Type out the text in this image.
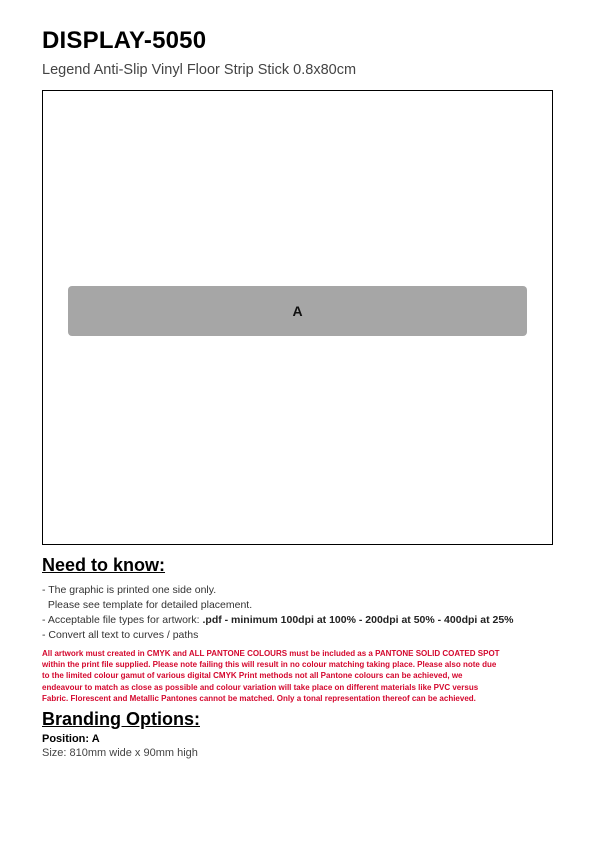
DISPLAY-5050
Legend Anti-Slip Vinyl Floor Strip Stick 0.8x80cm
A
Need to know:
- The graphic is printed one side only.
Please see template for detailed placement.
- Acceptable file types for artwork: .pdf - minimum 100dpi at 100% - 200dpi at 50% - 400dpi at 25%
- Convert all text to curves / paths
All artwork must created in CMYK and ALL PANTONE COLOURS must be included as a PANTONE SOLID COATED SPOT
within the print file supplied. Please note failing this will result in no colour matching taking place. Please also note due
to the limited colour gamut of various digital CMYK Print methods not all Pantone colours can be achieved, we
endeavour to match as close as possible and colour variation will take place on different materials like PVC versus
Fabric. Florescent and Metallic Pantones cannot be matched. Only a tonal representation thereof can be achieved.
Branding Options:
Position: A
Size: 810mm wide x 90mm high
